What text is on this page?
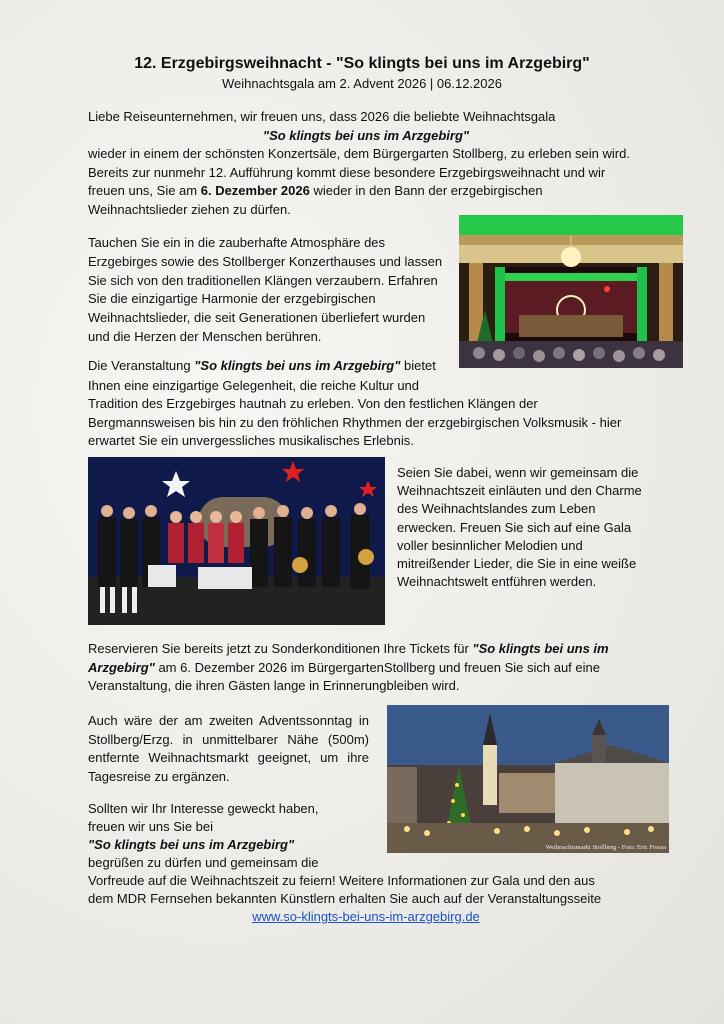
12. Erzgebirgsweihnacht - "So klingts bei uns im Arzgebirg"
Weihnachtsgala am 2. Advent 2026 | 06.12.2026
Liebe Reiseunternehmen, wir freuen uns, dass 2026 die beliebte Weihnachtsgala
"So klingts bei uns im Arzgebirg"

wieder in einem der schönsten Konzertsäle, dem Bürgergarten Stollberg, zu erleben sein wird. Bereits zur nunmehr 12. Aufführung kommt diese besondere Erzgebirgsweihnacht und wir freuen uns, Sie am 6. Dezember 2026 wieder in den Bann der erzgebirgischen Weihnachtslieder ziehen zu dürfen.

Tauchen Sie ein in die zauberhafte Atmosphäre des Erzgebirges sowie des Stollberger Konzerthauses und lassen Sie sich von den traditionellen Klängen verzaubern. Erfahren Sie die einzigartige Harmonie der erzgebirgischen Weihnachtslieder, die seit Generationen überliefert wurden und die Herzen der Menschen berühren.

Die Veranstaltung "So klingts bei uns im Arzgebirg" bietet
Ihnen eine einzigartige Gelegenheit, die reiche Kultur und

Tradition des Erzgebirges hautnah zu erleben. Von den festlichen Klängen der Bergmannsweisen bis hin zu den fröhlichen Rhythmen der erzgebirgischen Volksmusik - hier erwartet Sie ein unvergessliches musikalisches Erlebnis.

Seien Sie dabei, wenn wir gemeinsam die Weihnachtszeit einläuten und den Charme des Weihnachtslandes zum Leben erwecken. Freuen Sie sich auf eine Gala voller besinnlicher Melodien und mitreißender Lieder, die Sie in eine weiße Weihnachtswelt entführen werden.

Reservieren Sie bereits jetzt zu Sonderkonditionen Ihre Tickets für "So klingts bei uns im Arzgebirg" am 6. Dezember 2026 im BürgergartenStollberg und freuen Sie sich auf eine Veranstaltung, die ihren Gästen lange in Erinnerungbleiben wird.

Auch wäre der am zweiten Adventssonntag in Stollberg/Erzg. in unmittelbarer Nähe (500m) entfernte Weihnachtsmarkt geeignet, um ihre Tagesreise zu ergänzen.

Weihnachtsmarkt Stollberg - Foto: Eric Fressa
Sollten wir Ihr Interesse geweckt haben,
freuen wir uns Sie bei
"So klingts bei uns im Arzgebirg"
begrüßen zu dürfen und gemeinsam die
Vorfreude auf die Weihnachtszeit zu feiern! Weitere Informationen zur Gala und den aus
dem MDR Fernsehen bekannten Künstlern erhalten Sie auch auf der Veranstaltungsseite
www.so-klingts-bei-uns-im-arzgebirg.de
